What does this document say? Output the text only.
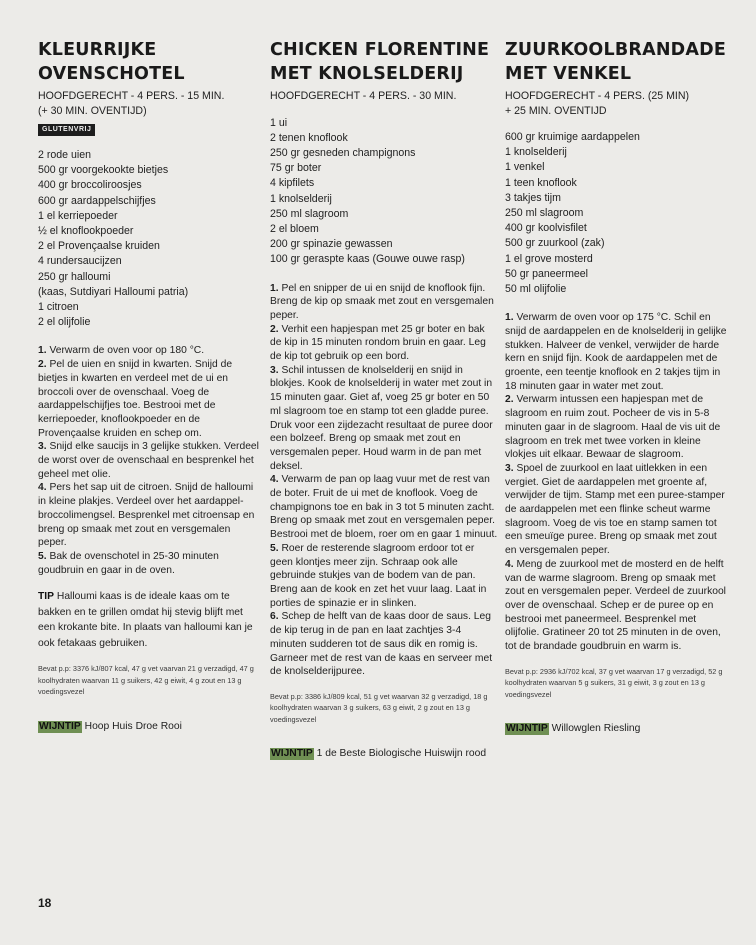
KLEURRIJKE
OVENSCHOTEL

HOOFDGERECHT - 4 PERS. - 15 MIN.
(+ 30 MIN. OVENTIJD)

GLUTENVRIJ
2 rode uien
500 gr voorgekookte bietjes
400 gr broccoliroosjes
600 gr aardappelschijfjes
1 el kerriepoeder
½ el knoflookpoeder
2 el Provençaalse kruiden
4 rundersaucijzen
250 gr halloumi
(kaas, Sutdiyari Halloumi patria)
1 citroen
2 el olijfolie
1. Verwarm de oven voor op 180 °C.
2. Pel de uien en snijd in kwarten. Snijd de bietjes in kwarten en verdeel met de ui en broccoli over de ovenschaal. Voeg de aardappelschijfjes toe. Bestrooi met de kerriepoeder, knoflookpoeder en de Provençaalse kruiden en schep om.
3. Snijd elke saucijs in 3 gelijke stukken. Verdeel de worst over de ovenschaal en besprenkel het geheel met olie.
4. Pers het sap uit de citroen. Snijd de halloumi in kleine plakjes. Verdeel over het aardappel-broccolimengsel. Besprenkel met citroensap en breng op smaak met zout en versgemalen peper.
5. Bak de ovenschotel in 25-30 minuten goudbruin en gaar in de oven.

TIP Halloumi kaas is de ideale kaas om te bakken en te grillen omdat hij stevig blijft met een krokante bite. In plaats van halloumi kan je ook fetakaas gebruiken.

Bevat p.p: 3376 kJ/807 kcal, 47 g vet vaarvan 21 g verzadigd, 47 g koolhydraten waarvan 11 g suikers, 42 g eiwit, 4 g zout en 13 g voedingsvezel

WIJNTIP Hoop Huis Droe Rooi

CHICKEN FLORENTINE
MET KNOLSELDERIJ

HOOFDGERECHT - 4 PERS. - 30 MIN.

1 ui
2 tenen knoflook
250 gr gesneden champignons
75 gr boter
4 kipfilets
1 knolselderij
250 ml slagroom
2 el bloem
200 gr spinazie gewassen
100 gr geraspte kaas (Gouwe ouwe rasp)
1. Pel en snipper de ui en snijd de knoflook fijn. Breng de kip op smaak met zout en versgemalen peper.
2. Verhit een hapjespan met 25 gr boter en bak de kip in 15 minuten rondom bruin en gaar. Leg de kip tot gebruik op een bord.
3. Schil intussen de knolselderij en snijd in blokjes. Kook de knolselderij in water met zout in 15 minuten gaar. Giet af, voeg 25 gr boter en 50 ml slagroom toe en stamp tot een gladde puree. Druk voor een zijdezacht resultaat de puree door een bolzeef. Breng op smaak met zout en versgemalen peper. Houd warm in de pan met deksel.
4. Verwarm de pan op laag vuur met de rest van de boter. Fruit de ui met de knoflook. Voeg de champignons toe en bak in 3 tot 5 minuten zacht. Breng op smaak met zout en versgemalen peper. Bestrooi met de bloem, roer om en gaar 1 minuut.
5. Roer de resterende slagroom erdoor tot er geen klontjes meer zijn. Schraap ook alle gebruinde stukjes van de bodem van de pan. Breng aan de kook en zet het vuur laag. Laat in porties de spinazie er in slinken.
6. Schep de helft van de kaas door de saus. Leg de kip terug in de pan en laat zachtjes 3-4 minuten sudderen tot de saus dik en romig is. Garneer met de rest van de kaas en serveer met de knolselderijpuree.

Bevat p.p: 3386 kJ/809 kcal, 51 g vet waarvan 32 g verzadigd, 18 g koolhydraten waarvan 3 g suikers, 63 g eiwit, 2 g zout en 13 g voedingsvezel

WIJNTIP 1 de Beste Biologische Huiswijn rood

ZUURKOOLBRANDADE
MET VENKEL

HOOFDGERECHT - 4 PERS. (25 MIN)
+ 25 MIN. OVENTIJD

600 gr kruimige aardappelen
1 knolselderij
1 venkel
1 teen knoflook
3 takjes tijm
250 ml slagroom
400 gr koolvisfilet
500 gr zuurkool (zak)
1 el grove mosterd
50 gr paneermeel
50 ml olijfolie
1. Verwarm de oven voor op 175 °C. Schil en snijd de aardappelen en de knolselderij in gelijke stukken. Halveer de venkel, verwijder de harde kern en snijd fijn. Kook de aardappelen met de groente, een teentje knoflook en 2 takjes tijm in 18 minuten gaar in water met zout.
2. Verwarm intussen een hapjespan met de slagroom en ruim zout. Pocheer de vis in 5-8 minuten gaar in de slagroom. Haal de vis uit de slagroom en trek met twee vorken in kleine vlokjes uit elkaar. Bewaar de slagroom.
3. Spoel de zuurkool en laat uitlekken in een vergiet. Giet de aardappelen met groente af, verwijder de tijm. Stamp met een puree-stamper de aardappelen met een flinke scheut warme slagroom. Voeg de vis toe en stamp samen tot een smeuïge puree. Breng op smaak met zout en versgemalen peper.
4. Meng de zuurkool met de mosterd en de helft van de warme slagroom. Breng op smaak met zout en versgemalen peper. Verdeel de zuurkool over de ovenschaal. Schep er de puree op en bestrooi met paneermeel. Besprenkel met olijfolie. Gratineer 20 tot 25 minuten in de oven, tot de brandade goudbruin en warm is.

Bevat p.p: 2936 kJ/702 kcal, 37 g vet waarvan 17 g verzadigd, 52 g koolhydraten waarvan 5 g suikers, 31 g eiwit, 3 g zout en 13 g voedingsvezel

WIJNTIP Willowglen Riesling

18
